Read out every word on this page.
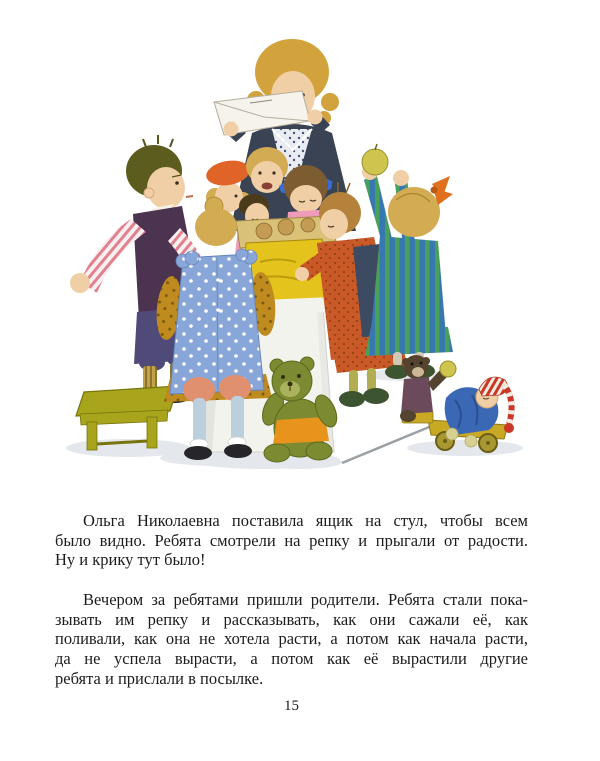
Ольга Николаевна поставила ящик на стул, чтобы всем
было видно. Ребята смотрели на репку и прыгали от радости.
Ну и крику тут было!
Вечером за ребятами пришли родители. Ребята стали пока-
зывать им репку и рассказывать, как они сажали её, как
поливали, как она не хотела расти, а потом как начала расти,
да не успела вырасти, а потом как её вырастили другие
ребята и прислали в посылке.
15
